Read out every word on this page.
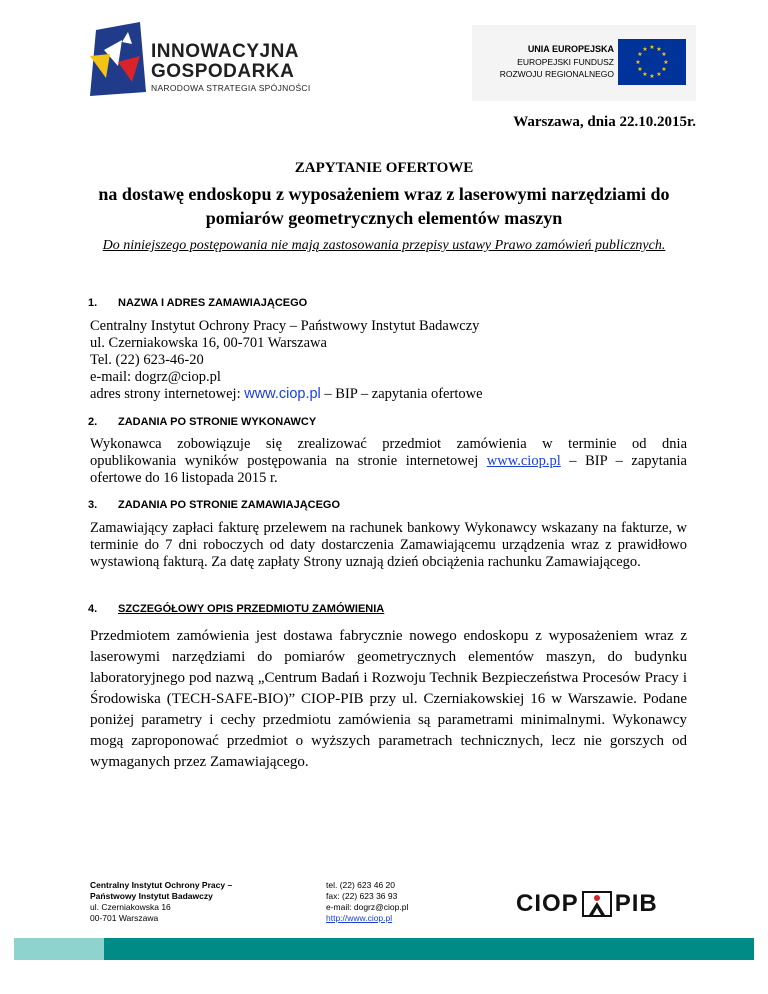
INNOWACYJNA
GOSPODARKA
NARODOWA STRATEGIA SPÓJNOŚCI
UNIA EUROPEJSKA
EUROPEJSKI FUNDUSZ
ROZWOJU REGIONALNEGO
★ ★
★
★
★
★
★
★
★
★
★
★
Warszawa, dnia 22.10.2015r.
ZAPYTANIE OFERTOWE
na dostawę endoskopu z wyposażeniem wraz z laserowymi narzędziami do pomiarów geometrycznych elementów maszyn
Do niniejszego postępowania nie mają zastosowania przepisy ustawy Prawo zamówień publicznych.
1. NAZWA I ADRES ZAMAWIAJĄCEGO
Centralny Instytut Ochrony Pracy – Państwowy Instytut Badawczy
ul. Czerniakowska 16, 00-701 Warszawa
Tel. (22) 623-46-20
e-mail: dogrz@ciop.pl
adres strony internetowej: www.ciop.pl – BIP – zapytania ofertowe
2. ZADANIA PO STRONIE WYKONAWCY
Wykonawca zobowiązuje się zrealizować przedmiot zamówienia w terminie od dnia
opublikowania wyników postępowania na stronie internetowej www.ciop.pl – BIP – zapytania
ofertowe do 16 listopada 2015 r.
3. ZADANIA PO STRONIE ZAMAWIAJĄCEGO
Zamawiający zapłaci fakturę przelewem na rachunek bankowy Wykonawcy wskazany na fakturze, w terminie do 7 dni roboczych od daty dostarczenia Zamawiającemu urządzenia wraz z prawidłowo wystawioną fakturą. Za datę zapłaty Strony uznają dzień obciążenia rachunku Zamawiającego.
4. SZCZEGÓŁOWY OPIS PRZEDMIOTU ZAMÓWIENIA
Przedmiotem zamówienia jest dostawa fabrycznie nowego endoskopu z wyposażeniem wraz z laserowymi narzędziami do pomiarów geometrycznych elementów maszyn, do budynku laboratoryjnego pod nazwą „Centrum Badań i Rozwoju Technik Bezpieczeństwa Procesów Pracy i Środowiska (TECH-SAFE-BIO)” CIOP-PIB przy ul. Czerniakowskiej 16 w Warszawie. Podane poniżej parametry i cechy przedmiotu zamówienia są parametrami minimalnymi. Wykonawcy mogą zaproponować przedmiot o wyższych parametrach technicznych, lecz nie gorszych od wymaganych przez Zamawiającego.
Centralny Instytut Ochrony Pracy –
Państwowy Instytut Badawczy
ul. Czerniakowska 16
00-701 Warszawa
tel. (22) 623 46 20
fax: (22) 623 36 93
e-mail: dogrz@ciop.pl
http://www.ciop.pl
CIOP PIB
